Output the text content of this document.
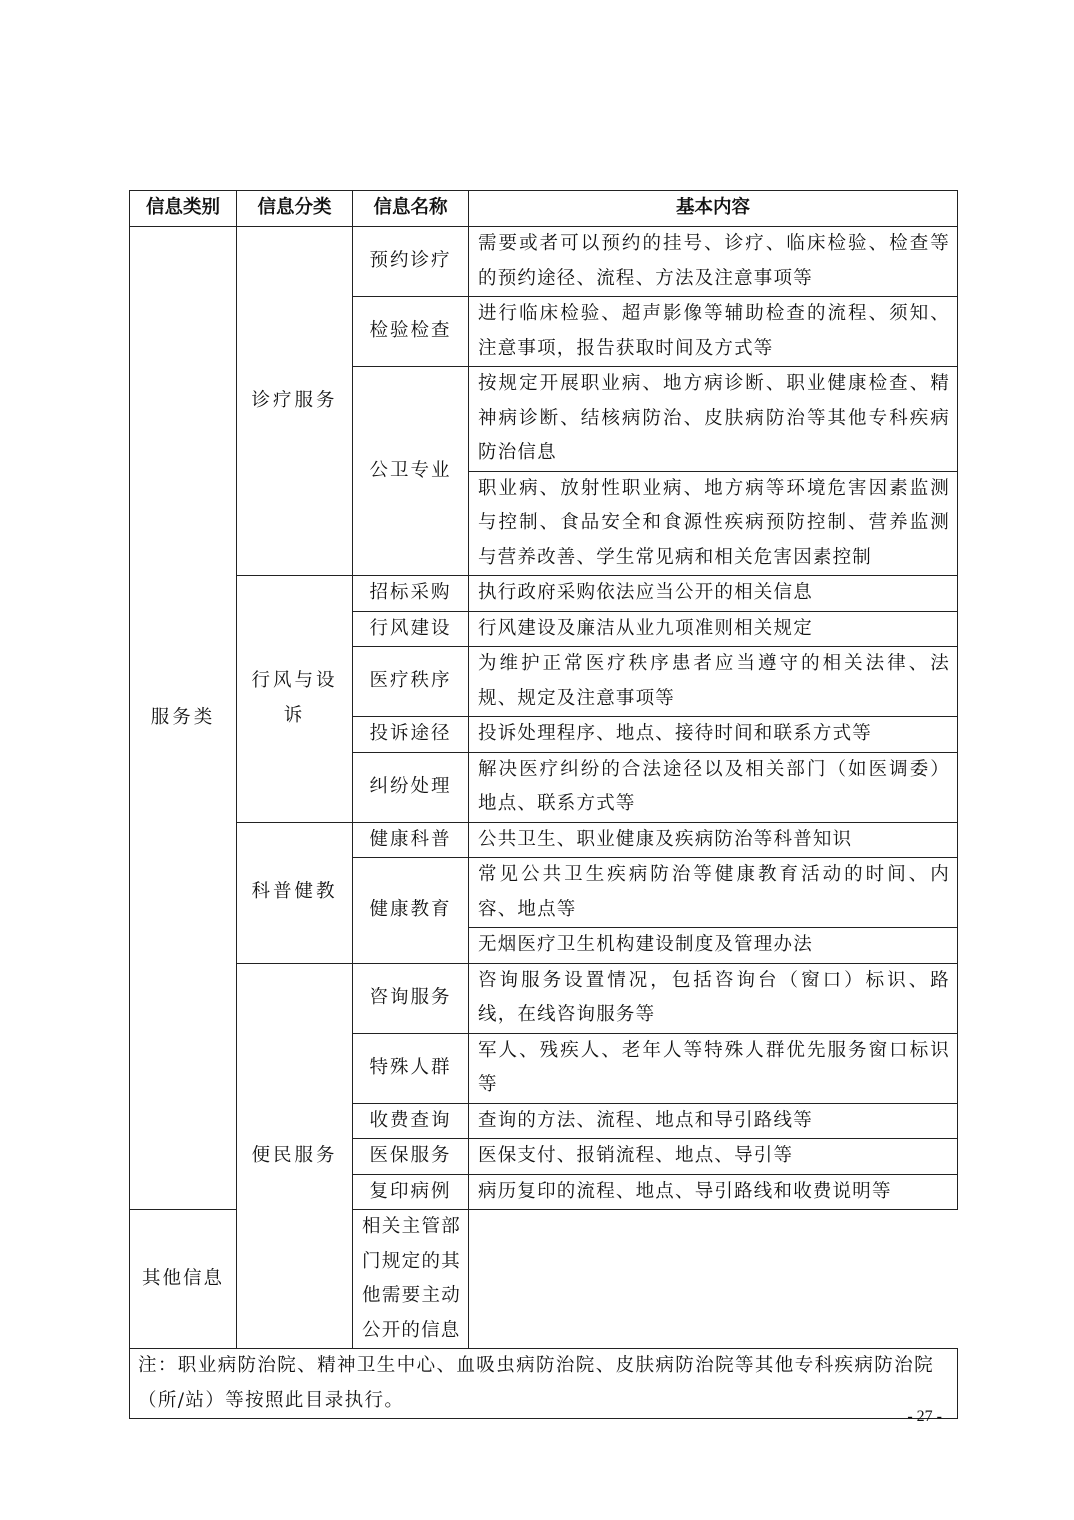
信息类别	信息分类	信息名称	基本内容
服务类	诊疗服务	预约诊疗	需要或者可以预约的挂号、诊疗、临床检验、检查等的预约途径、流程、方法及注意事项等
		检验检查	进行临床检验、超声影像等辅助检查的流程、须知、注意事项，报告获取时间及方式等
		公卫专业	按规定开展职业病、地方病诊断、职业健康检查、精神病诊断、结核病防治、皮肤病防治等其他专科疾病防治信息
			职业病、放射性职业病、地方病等环境危害因素监测与控制、食品安全和食源性疾病预防控制、营养监测与营养改善、学生常见病和相关危害因素控制
	行风与设诉	招标采购	执行政府采购依法应当公开的相关信息
		行风建设	行风建设及廉洁从业九项准则相关规定
		医疗秩序	为维护正常医疗秩序患者应当遵守的相关法律、法规、规定及注意事项等
		投诉途径	投诉处理程序、地点、接待时间和联系方式等
		纠纷处理	解决医疗纠纷的合法途径以及相关部门（如医调委）地点、联系方式等
	科普健教	健康科普	公共卫生、职业健康及疾病防治等科普知识
		健康教育	常见公共卫生疾病防治等健康教育活动的时间、内容、地点等
			无烟医疗卫生机构建设制度及管理办法
	便民服务	咨询服务	咨询服务设置情况，包括咨询台（窗口）标识、路线，在线咨询服务等
		特殊人群	军人、残疾人、老年人等特殊人群优先服务窗口标识等
		收费查询	查询的方法、流程、地点和导引路线等
		医保服务	医保支付、报销流程、地点、导引等
		复印病例	病历复印的流程、地点、导引路线和收费说明等
其他信息		相关主管部门规定的其他需要主动公开的信息	
注：职业病防治院、精神卫生中心、血吸虫病防治院、皮肤病防治院等其他专科疾病防治院（所/站）等按照此目录执行。			
- 27 -
